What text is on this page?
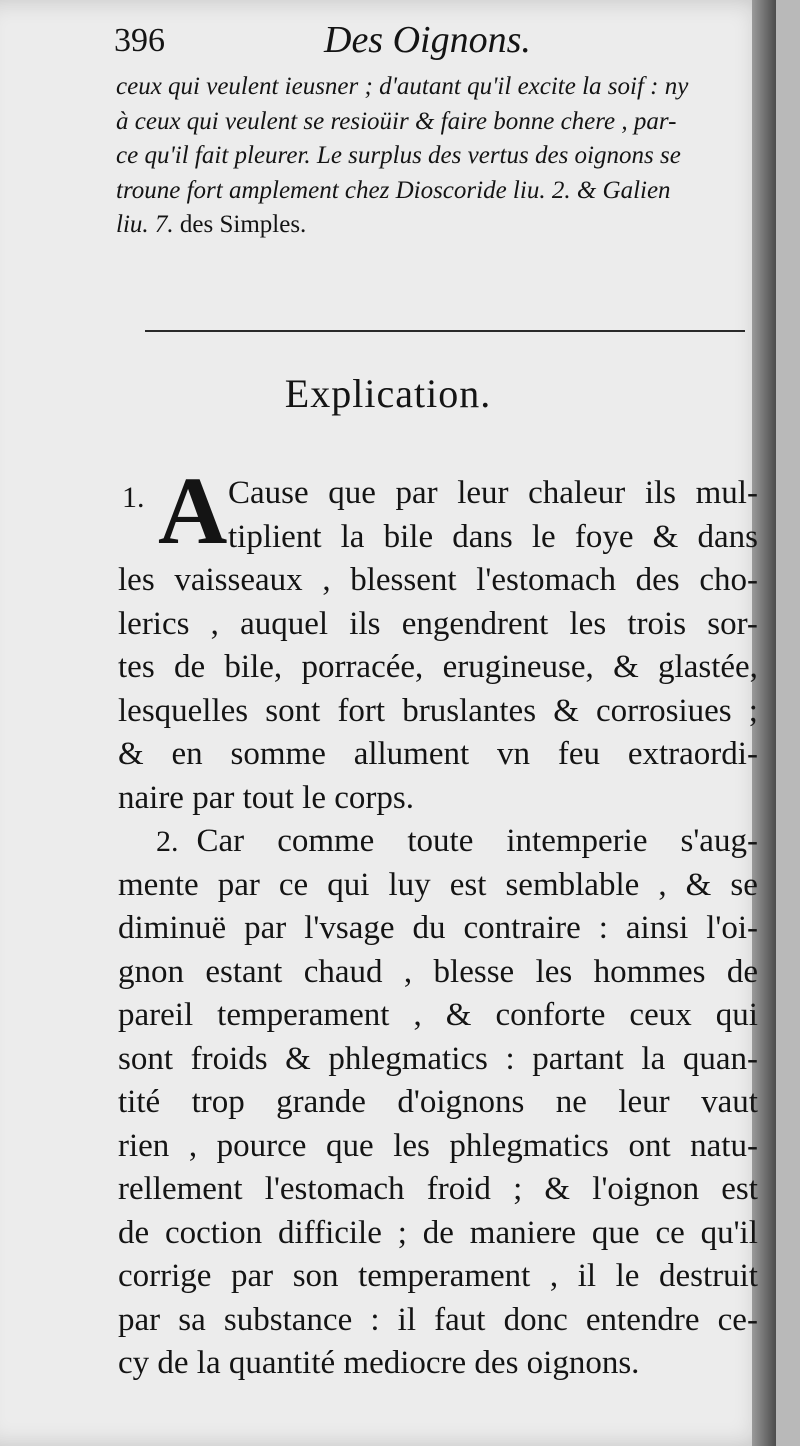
396	Des Oignons.
ceux qui veulent ieusner ; d'autant qu'il excite la soif : ny
à ceux qui veulent se resioüir & faire bonne chere , par-
ce qu'il fait pleurer. Le surplus des vertus des oignons se
troune fort amplement chez Dioscoride liu. 2. & Galien
liu. 7. des Simples.
Explication.
1. A Cause que par leur chaleur ils mul-
tiplient la bile dans le foye & dans
les vaisseaux , blessent l'estomach des cho-
lerics , auquel ils engendrent les trois sor-
tes de bile, porracée, erugineuse, & glastée,
lesquelles sont fort bruslantes & corrosiues ;
& en somme allument vn feu extraordi-
naire par tout le corps.
2. Car comme toute intemperie s'aug-
mente par ce qui luy est semblable , & se
diminuë par l'vsage du contraire : ainsi l'oi-
gnon estant chaud , blesse les hommes de
pareil temperament , & conforte ceux qui
sont froids & phlegmatics : partant la quan-
tité trop grande d'oignons ne leur vaut
rien , pource que les phlegmatics ont natu-
rellement l'estomach froid ; & l'oignon est
de coction difficile ; de maniere que ce qu'il
corrige par son temperament , il le destruit
par sa substance : il faut donc entendre ce-
cy de la quantité mediocre des oignons.
